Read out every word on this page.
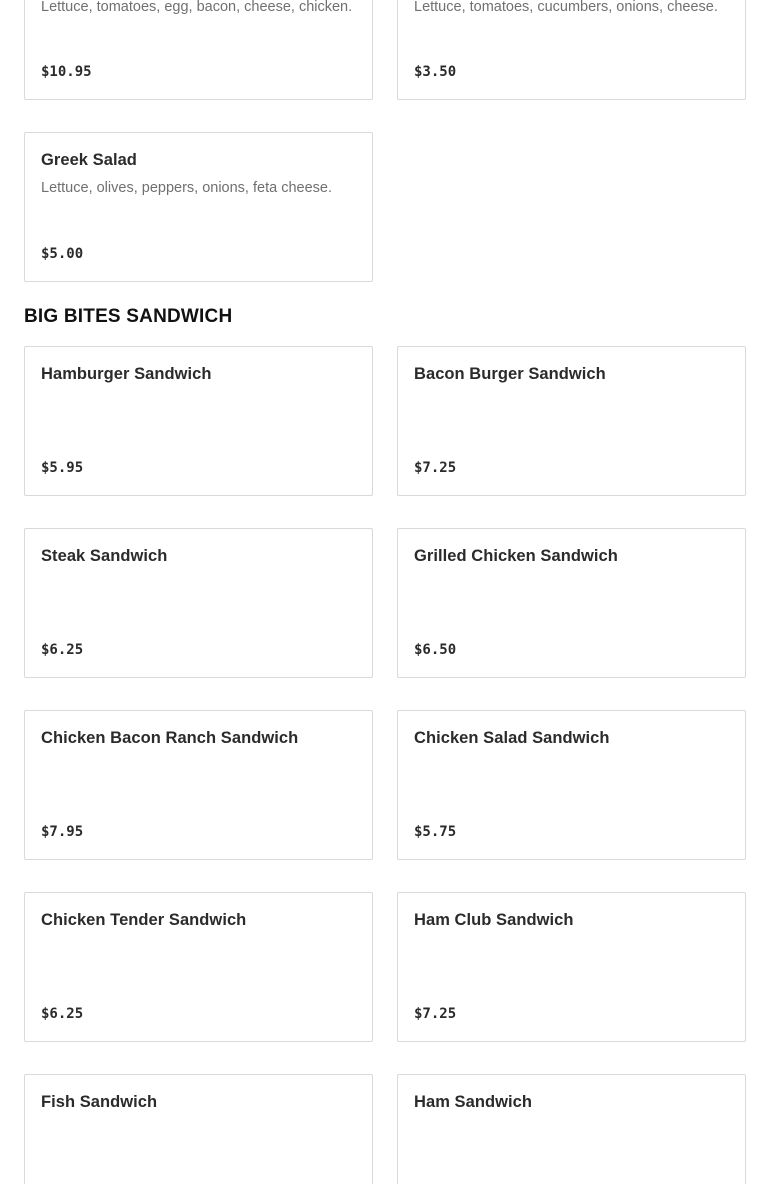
Lettuce, tomatoes, egg, bacon, cheese, chicken.
$10.95
Lettuce, tomatoes, cucumbers, onions, cheese.
$3.50
Greek Salad
Lettuce, olives, peppers, onions, feta cheese.
$5.00
BIG BITES SANDWICH
Hamburger Sandwich
$5.95
Bacon Burger Sandwich
$7.25
Steak Sandwich
$6.25
Grilled Chicken Sandwich
$6.50
Chicken Bacon Ranch Sandwich
$7.95
Chicken Salad Sandwich
$5.75
Chicken Tender Sandwich
$6.25
Ham Club Sandwich
$7.25
Fish Sandwich	Ham Sandwich
